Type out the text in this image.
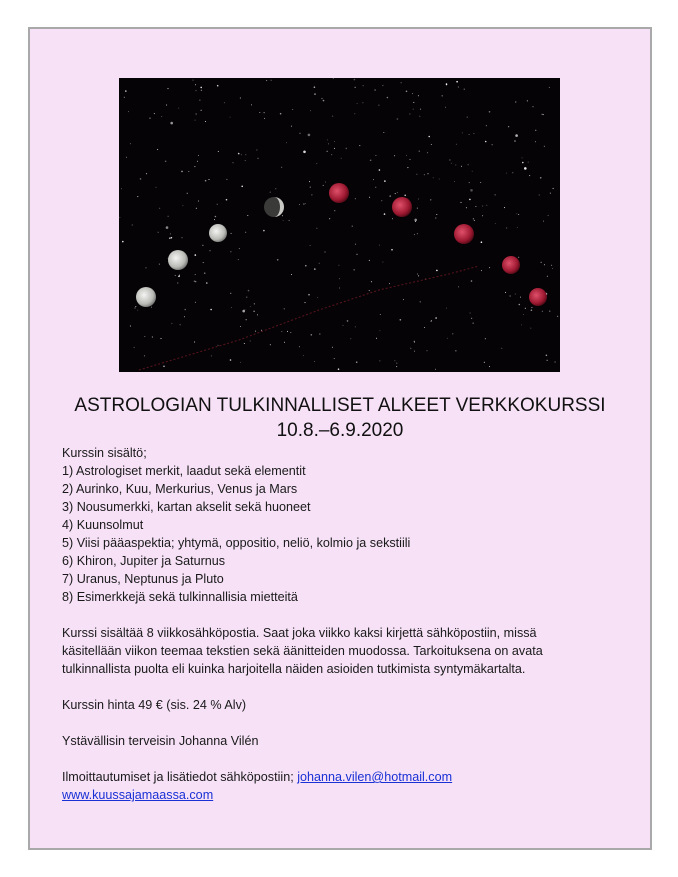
ASTROLOGIAN TULKINNALLISET ALKEET VERKKOKURSSI
10.8.–6.9.2020

Kurssin sisältö;

1) Astrologiset merkit, laadut sekä elementit

2) Aurinko, Kuu, Merkurius, Venus ja Mars

3) Nousumerkki, kartan akselit sekä huoneet

4) Kuunsolmut

5) Viisi pääaspektia; yhtymä, oppositio, neliö, kolmio ja sekstiili

6) Khiron, Jupiter ja Saturnus

7) Uranus, Neptunus ja Pluto

8) Esimerkkejä sekä tulkinnallisia mietteitä

Kurssi sisältää 8 viikkosähköpostia. Saat joka viikko kaksi kirjettä sähköpostiin, missä

käsitellään viikon teemaa tekstien sekä äänitteiden muodossa. Tarkoituksena on avata

tulkinnallista puolta eli kuinka harjoitella näiden asioiden tutkimista syntymäkartalta.

Kurssin hinta 49 € (sis. 24 % Alv)

Ystävällisin terveisin Johanna Vilén

Ilmoittautumiset ja lisätiedot sähköpostiin; johanna.vilen@hotmail.com

www.kuussajamaassa.com
